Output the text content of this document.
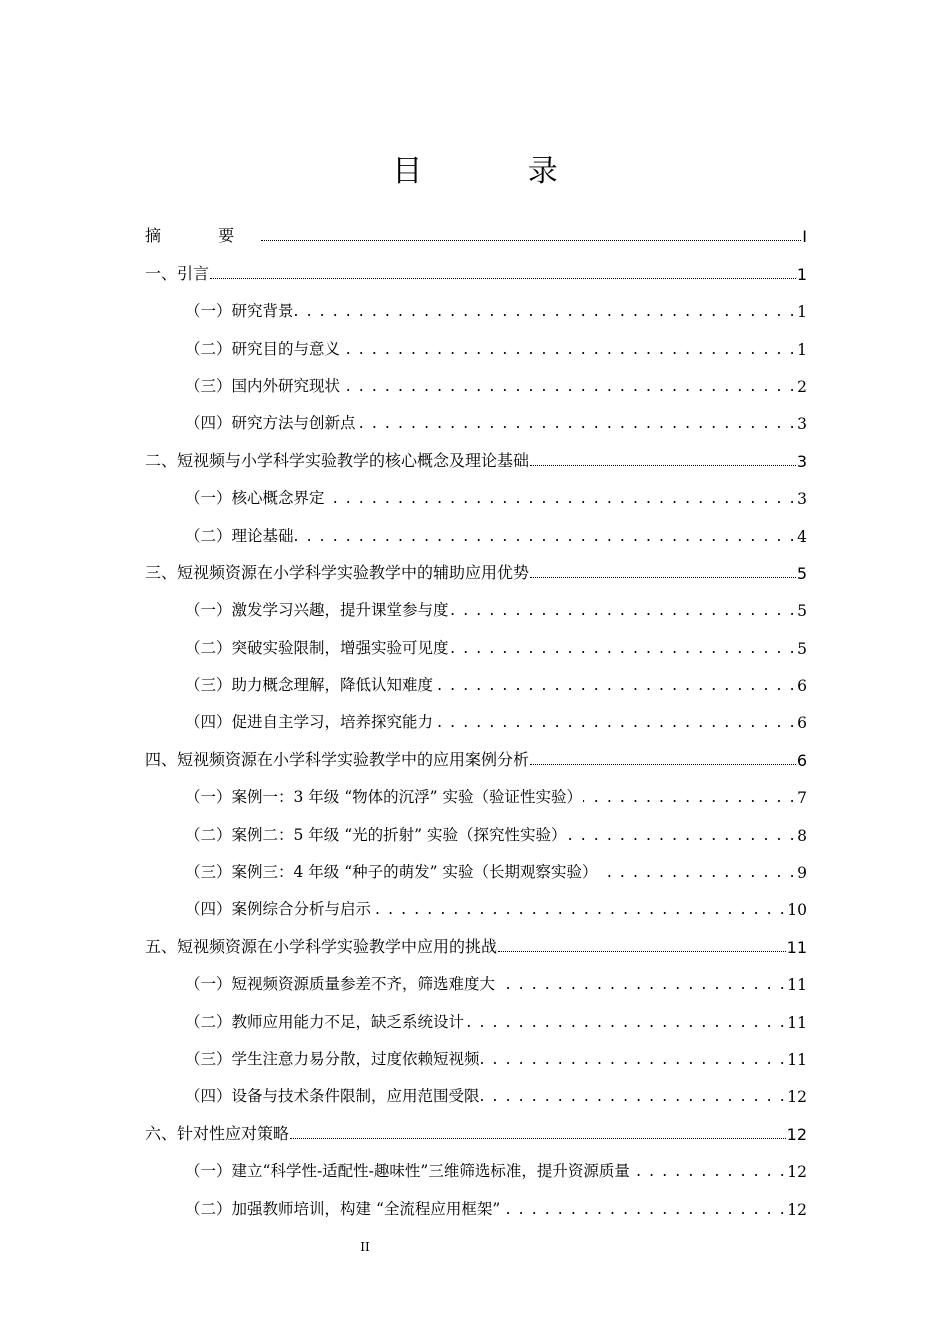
目 录
摘 要	I
一、引言	1
（一） 研究背景 . . .	1
（二） 研究目的与意义 . . .	1
（三） 国内外研究现状 . . .	2
（四） 研究方法与创新点 . . .	3
二、短视频与小学科学实验教学的核心概念及理论基础	3
（一） 核心概念界定 . . .	3
（二） 理论基础 . . .	4
三、短视频资源在小学科学实验教学中的辅助应用优势	5
（一） 激发学习兴趣，提升课堂参与度 . . .	5
（二） 突破实验限制，增强实验可见度 . . .	5
（三） 助力概念理解，降低认知难度 . . .	6
（四） 促进自主学习，培养探究能力 . . .	6
四、短视频资源在小学科学实验教学中的应用案例分析	6
（一） 案例一：3 年级 “物体的沉浮” 实验（验证性实验） . . .	7
（二） 案例二：5 年级 “光的折射” 实验（探究性实验） . . .	8
（三） 案例三：4 年级 “种子的萌发” 实验（长期观察实验） . . .	9
（四） 案例综合分析与启示 . . .	10
五、短视频资源在小学科学实验教学中应用的挑战	11
（一） 短视频资源质量参差不齐，筛选难度大 . . .	11
（二） 教师应用能力不足，缺乏系统设计 . . .	11
（三） 学生注意力易分散，过度依赖短视频 . . .	11
（四） 设备与技术条件限制，应用范围受限 . . .	12
六、针对性应对策略	12
（一） 建立“科学性-适配性-趣味性”三维筛选标准，提升资源质量 . . .	12
（二） 加强教师培训，构建 “全流程应用框架” . . .	12
II
